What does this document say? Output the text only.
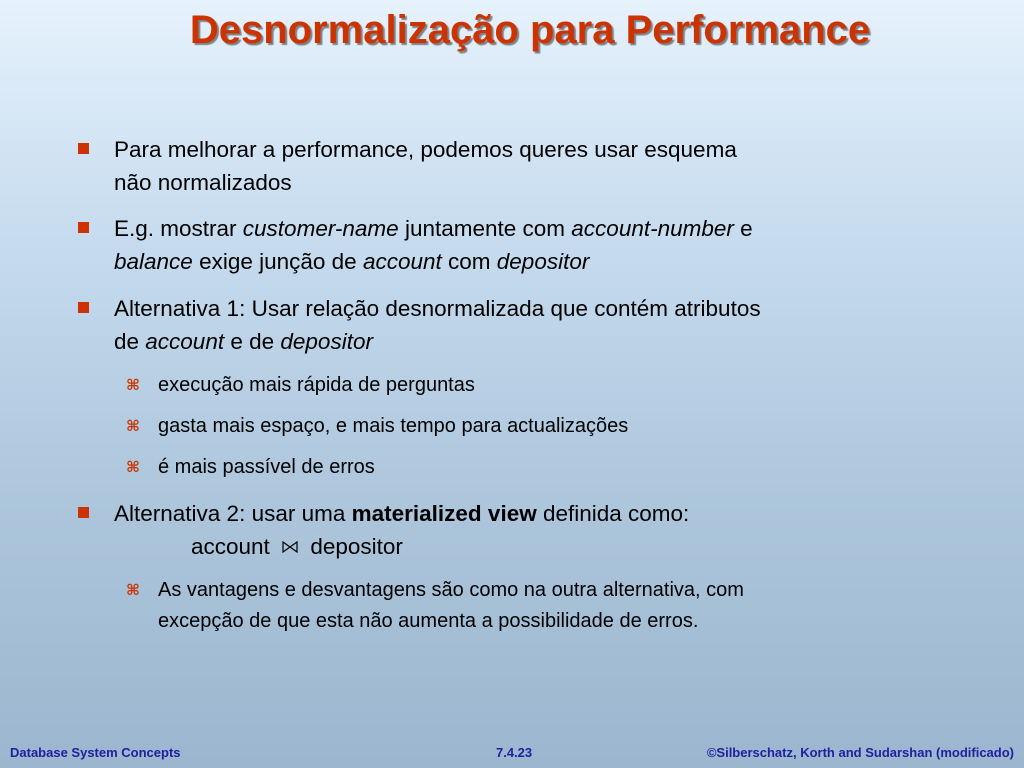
Desnormalização para Performance
Para melhorar a performance, podemos queres usar esquema
não normalizados
E.g. mostrar customer-name juntamente com account-number e
balance exige junção de account com depositor
Alternativa 1: Usar relação desnormalizada que contém atributos
de account e de depositor
⌘ execução mais rápida de perguntas
⌘ gasta mais espaço, e mais tempo para actualizações
⌘ é mais passível de erros
Alternativa 2: usar uma materialized view definida como:
account depositor
⌘ As vantagens e desvantagens são como na outra alternativa, com
excepção de que esta não aumenta a possibilidade de erros.
Database System Concepts	7.4.23	©Silberschatz, Korth and Sudarshan (modificado)
